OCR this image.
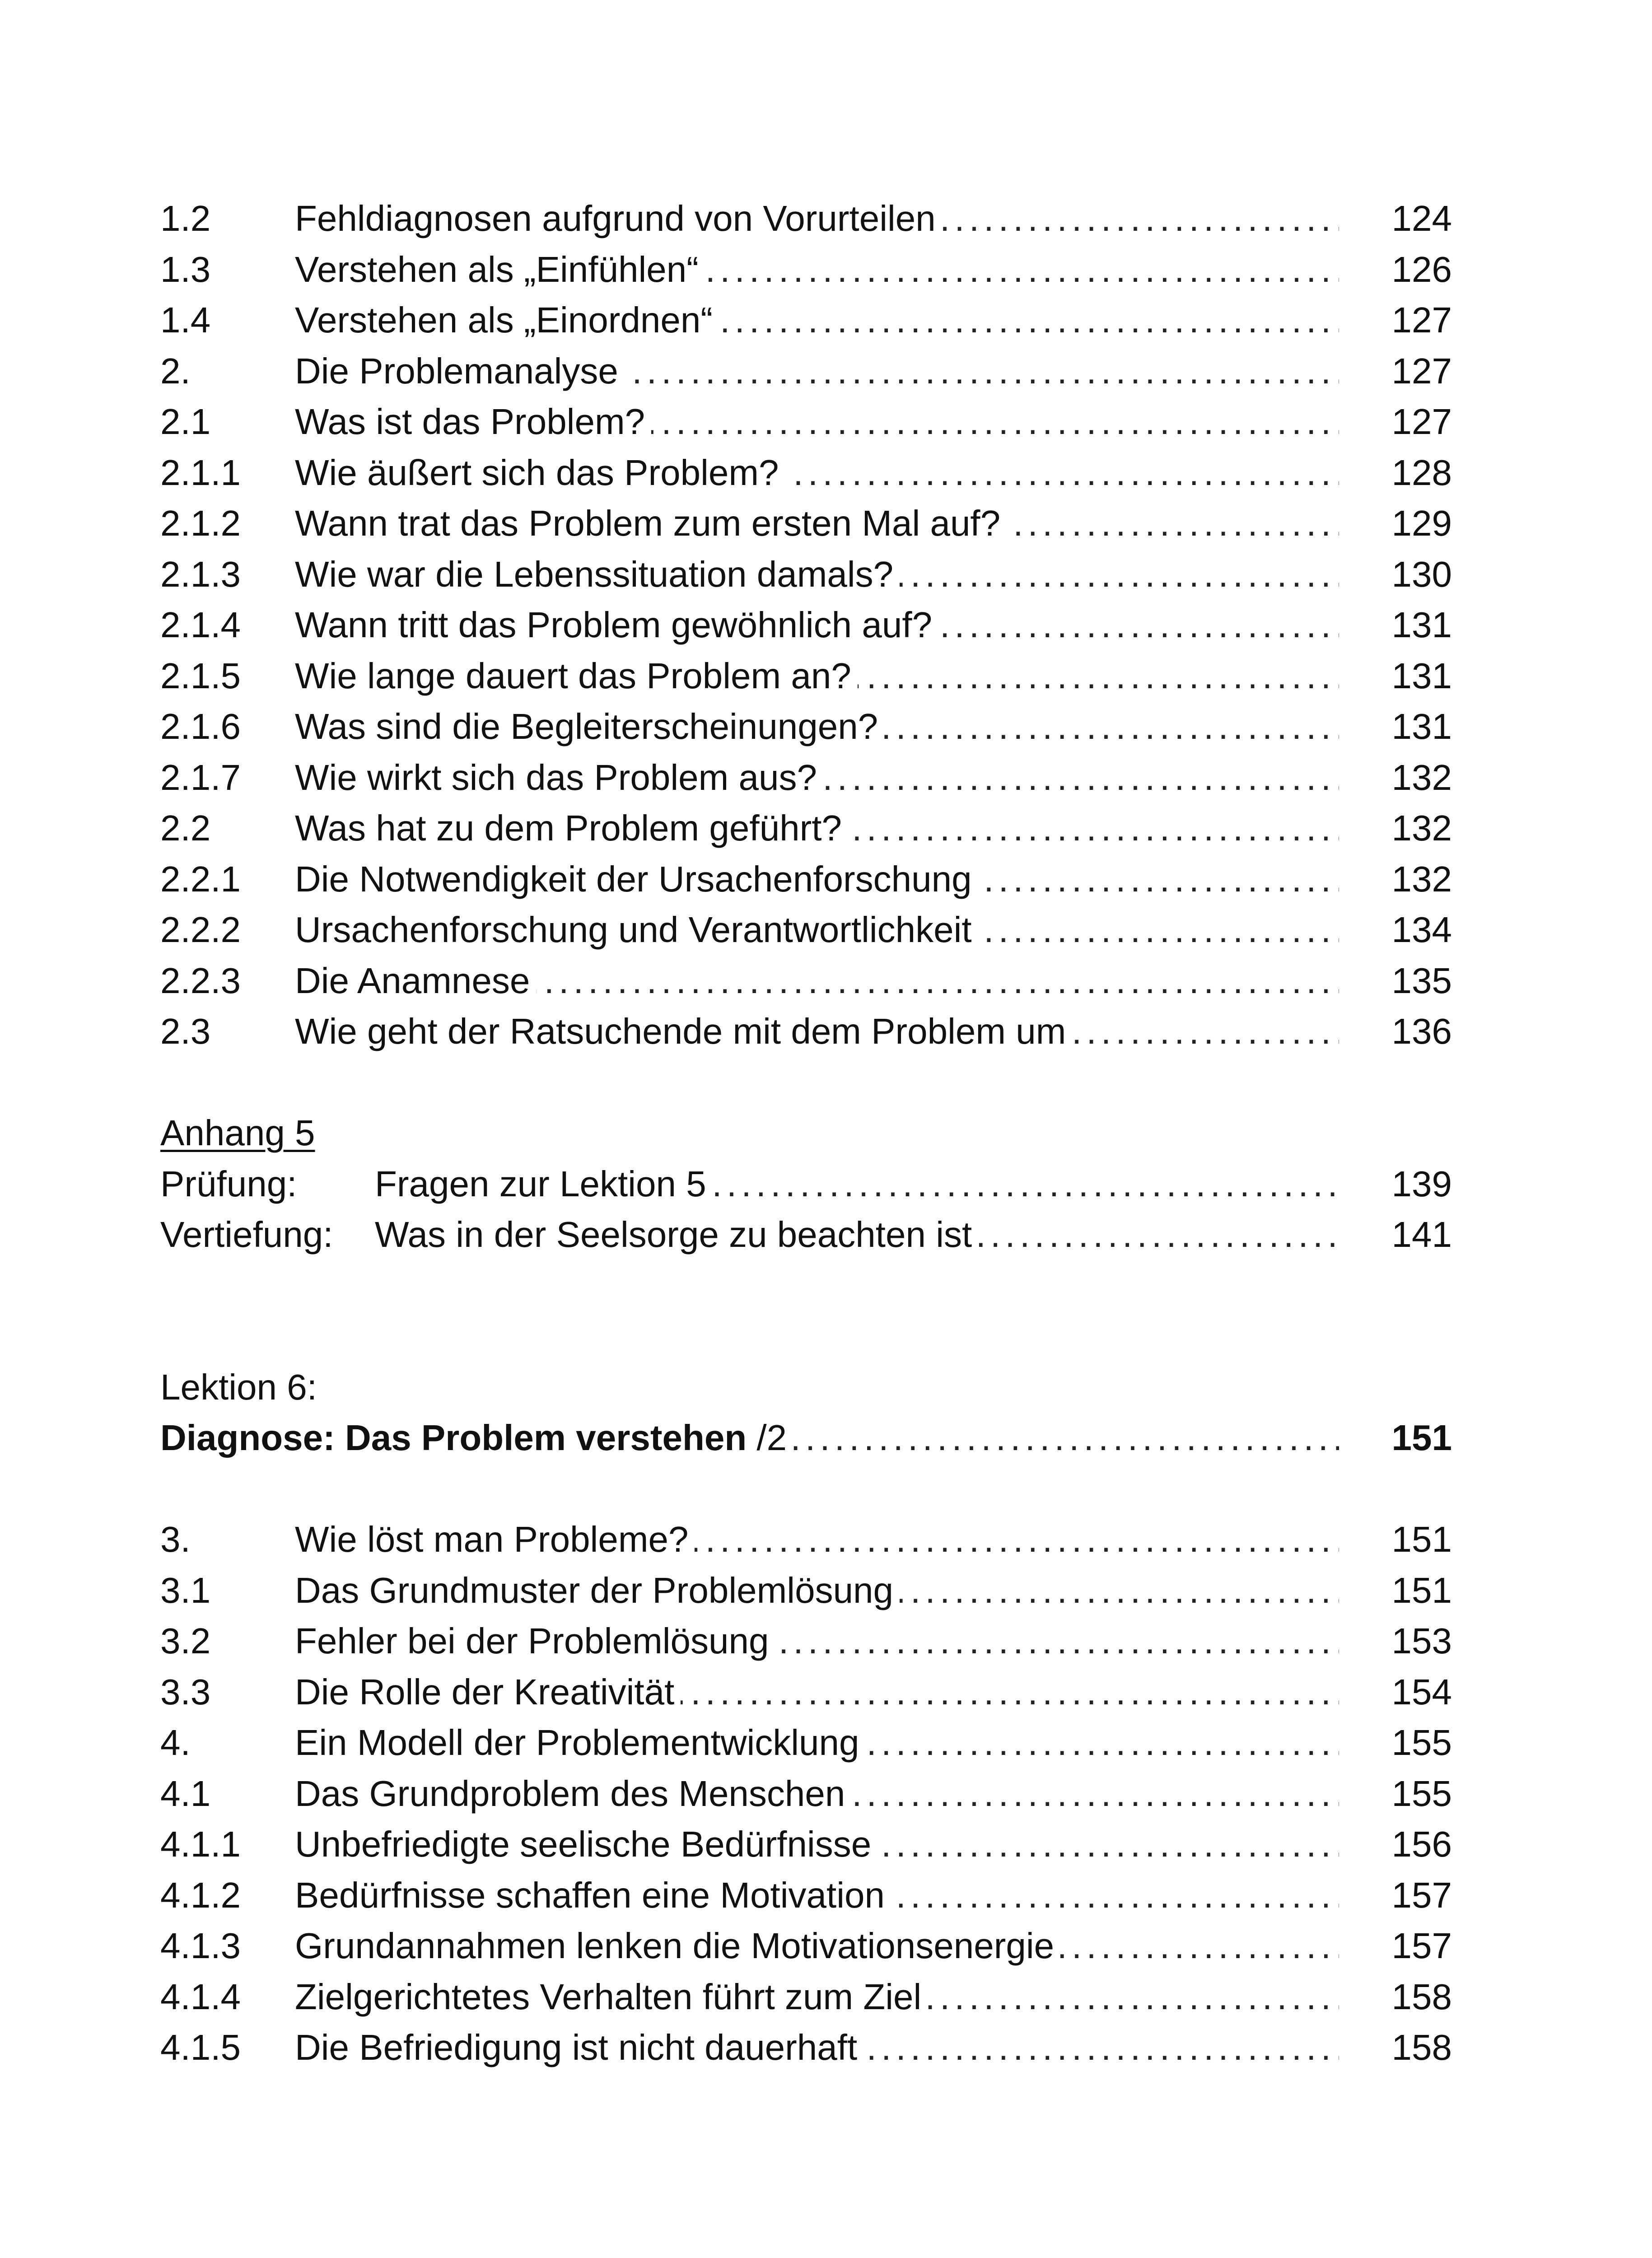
1.2 Fehldiagnosen aufgrund von Vorurteilen . . .	124
1.3 Verstehen als „Einfühlen“ . . .	126
1.4 Verstehen als „Einordnen“ . . .	127
2.	Die Problemanalyse . . .	127
2.1 Was ist das Problem? . . .	127
2.1.1 Wie äußert sich das Problem? . . .	128
2.1.2 Wann trat das Problem zum ersten Mal auf? . . .	129
2.1.3 Wie war die Lebenssituation damals? . . .	130
2.1.4 Wann tritt das Problem gewöhnlich auf? . . .	131
2.1.5 Wie lange dauert das Problem an? . . .	131
2.1.6 Was sind die Begleiterscheinungen? . . .	131
2.1.7 Wie wirkt sich das Problem aus? . . .	132
2.2 Was hat zu dem Problem geführt? . . .	132
2.2.1 Die Notwendigkeit der Ursachenforschung . . .	132
2.2.2 Ursachenforschung und Verantwortlichkeit . . .	134
2.2.3 Die Anamnese . . .	135
2.3 Wie geht der Ratsuchende mit dem Problem um . . .	136
Anhang 5
Prüfung: Fragen zur Lektion 5 . . .	139
Vertiefung: Was in der Seelsorge zu beachten ist . . .	141
Lektion 6:
Diagnose: Das Problem verstehen /2 . . .	151
3.	Wie löst man Probleme? . . .	151
3.1 Das Grundmuster der Problemlösung . . .	151
3.2 Fehler bei der Problemlösung . . .	153
3.3 Die Rolle der Kreativität . . .	154
4.	Ein Modell der Problementwicklung . . .	155
4.1 Das Grundproblem des Menschen . . .	155
4.1.1 Unbefriedigte seelische Bedürfnisse . . .	156
4.1.2 Bedürfnisse schaffen eine Motivation . . .	157
4.1.3 Grundannahmen lenken die Motivationsenergie . . .	157
4.1.4 Zielgerichtetes Verhalten führt zum Ziel . . .	158
4.1.5 Die Befriedigung ist nicht dauerhaft . . .	158
